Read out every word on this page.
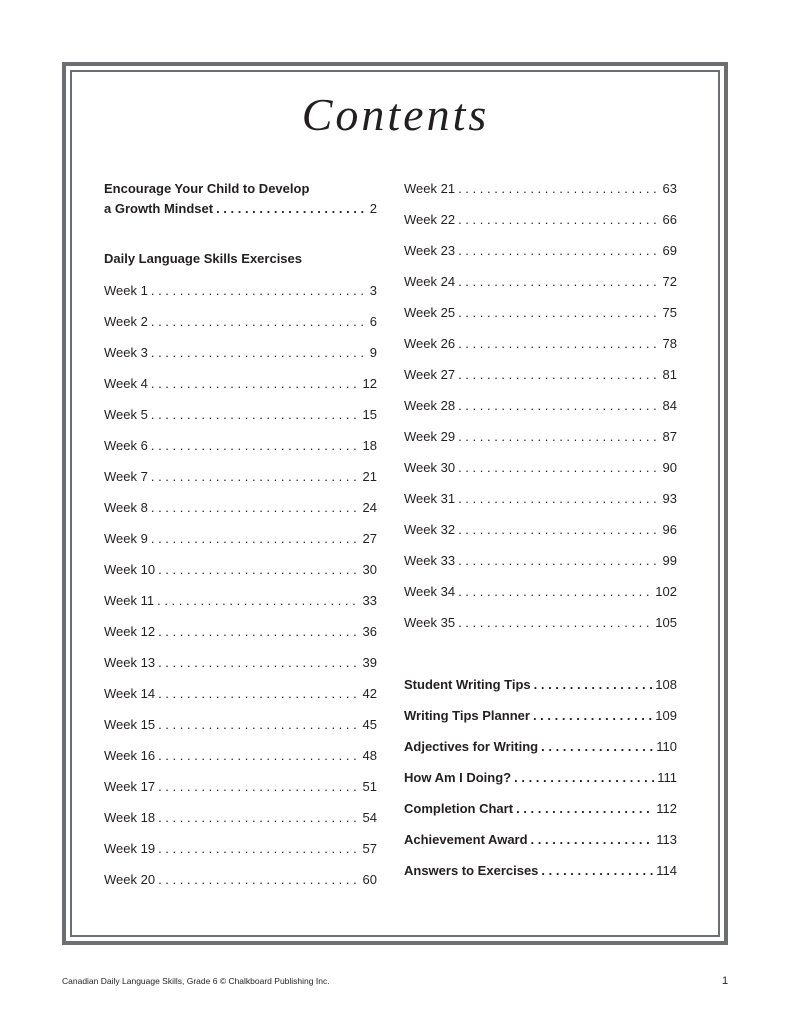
Contents
Encourage Your Child to Develop
a Growth Mindset . . .	2
Daily Language Skills Exercises
Week 1 . . .	3
Week 2 . . .	6
Week 3 . . .	9
Week 4 . . .	12
Week 5 . . .	15
Week 6 . . .	18
Week 7 . . .	21
Week 8 . . .	24
Week 9 . . .	27
Week 10 . . .	30
Week 11 . . .	33
Week 12 . . .	36
Week 13 . . .	39
Week 14 . . .	42
Week 15 . . .	45
Week 16 . . .	48
Week 17 . . .	51
Week 18 . . .	54
Week 19 . . .	57
Week 20 . . .	60
Week 21 . . .	63
Week 22 . . .	66
Week 23 . . .	69
Week 24 . . .	72
Week 25 . . .	75
Week 26 . . .	78
Week 27 . . .	81
Week 28 . . .	84
Week 29 . . .	87
Week 30 . . .	90
Week 31 . . .	93
Week 32 . . .	96
Week 33 . . .	99
Week 34 . . .	102
Week 35 . . .	105
Student Writing Tips . . .	108
Writing Tips Planner . . .	109
Adjectives for Writing . . .	110
How Am I Doing? . . .	111
Completion Chart . . .	112
Achievement Award . . .	113
Answers to Exercises . . .	114
Canadian Daily Language Skills, Grade 6 © Chalkboard Publishing Inc.	1
